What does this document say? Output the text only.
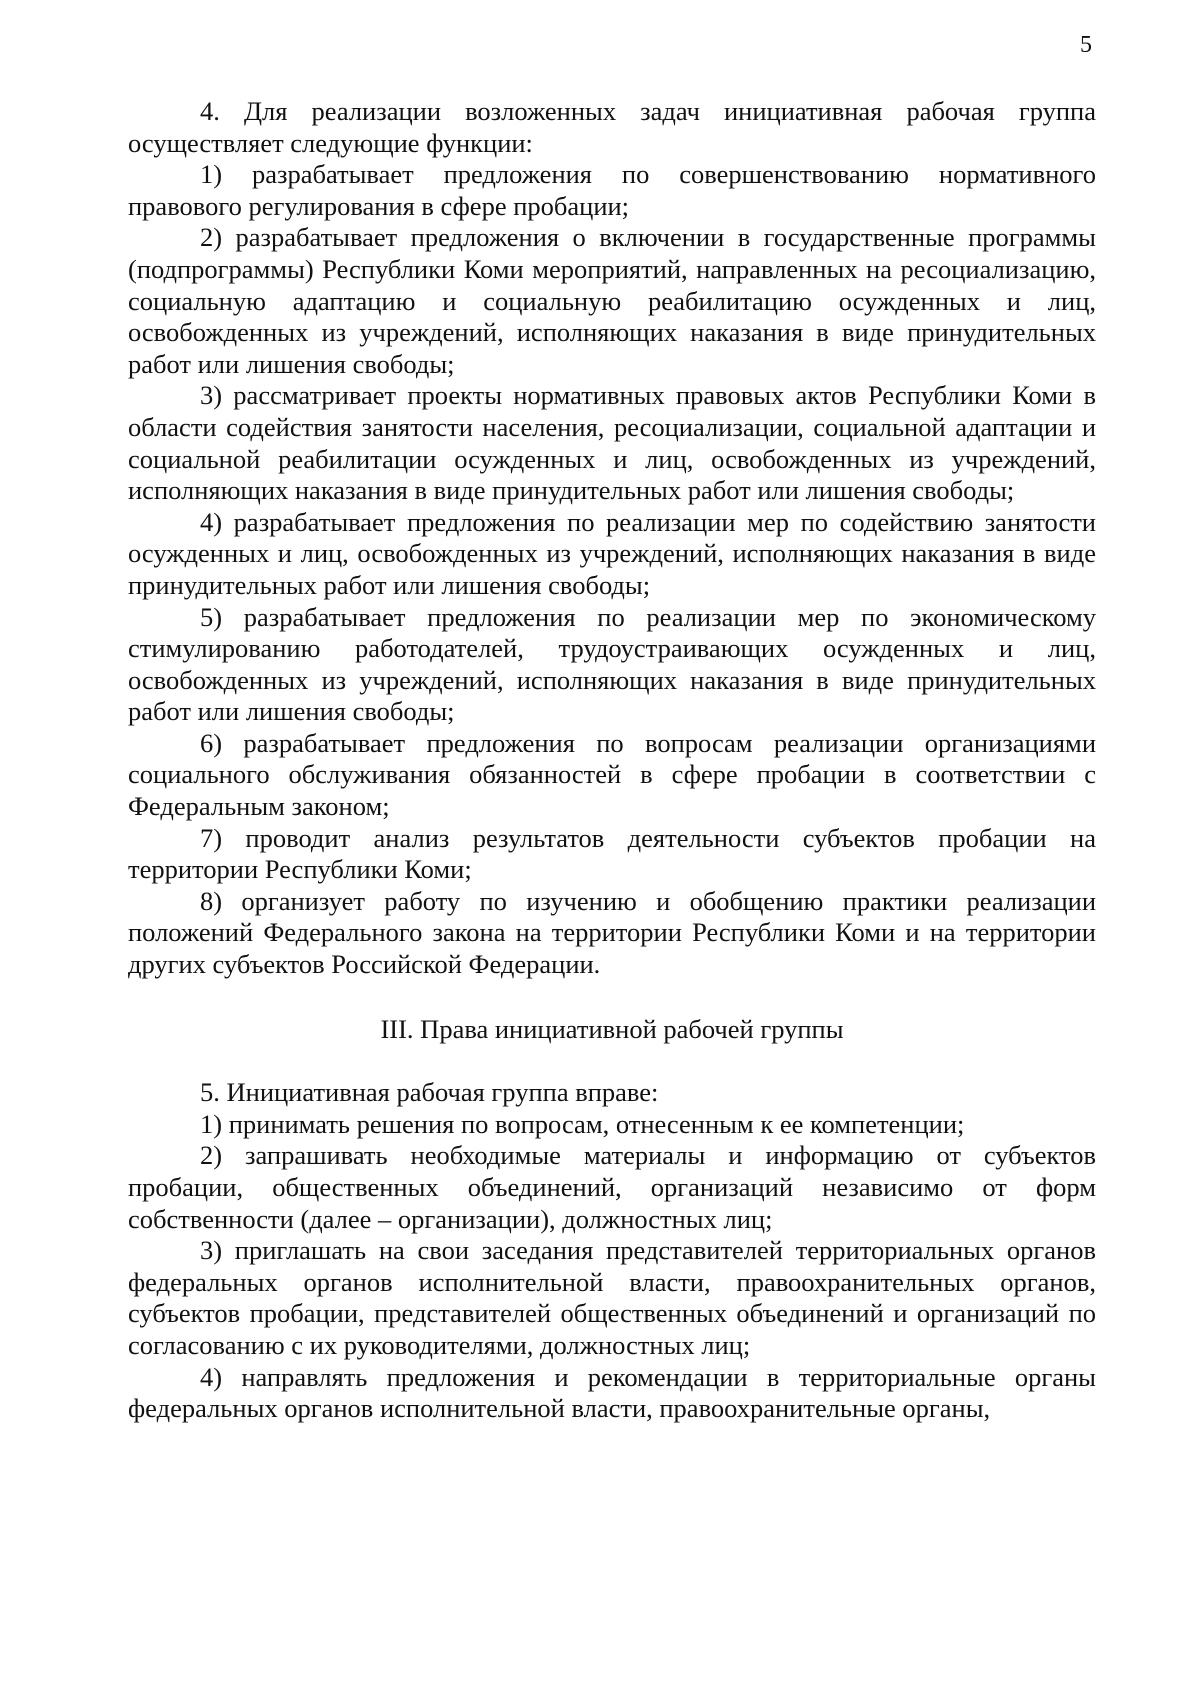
5

4. Для реализации возложенных задач инициативная рабочая группа осуществляет следующие функции:

1) разрабатывает предложения по совершенствованию нормативного правового регулирования в сфере пробации;

2) разрабатывает предложения о включении в государственные программы (подпрограммы) Республики Коми мероприятий, направленных на ресоциализацию, социальную адаптацию и социальную реабилитацию осужденных и лиц, освобожденных из учреждений, исполняющих наказания в виде принудительных работ или лишения свободы;

3) рассматривает проекты нормативных правовых актов Республики Коми в области содействия занятости населения, ресоциализации, социальной адаптации и социальной реабилитации осужденных и лиц, освобожденных из учреждений, исполняющих наказания в виде принудительных работ или лишения свободы;

4) разрабатывает предложения по реализации мер по содействию занятости осужденных и лиц, освобожденных из учреждений, исполняющих наказания в виде принудительных работ или лишения свободы;

5) разрабатывает предложения по реализации мер по экономическому стимулированию работодателей, трудоустраивающих осужденных и лиц, освобожденных из учреждений, исполняющих наказания в виде принудительных работ или лишения свободы;

6) разрабатывает предложения по вопросам реализации организациями социального обслуживания обязанностей в сфере пробации в соответствии с Федеральным законом;

7) проводит анализ результатов деятельности субъектов пробации на территории Республики Коми;

8) организует работу по изучению и обобщению практики реализации положений Федерального закона на территории Республики Коми и на территории других субъектов Российской Федерации.

III. Права инициативной рабочей группы

5. Инициативная рабочая группа вправе:

1) принимать решения по вопросам, отнесенным к ее компетенции;

2) запрашивать необходимые материалы и информацию от субъектов пробации, общественных объединений, организаций независимо от форм собственности (далее – организации), должностных лиц;

3) приглашать на свои заседания представителей территориальных органов федеральных органов исполнительной власти, правоохранительных органов, субъектов пробации, представителей общественных объединений и организаций по согласованию с их руководителями, должностных лиц;

4) направлять предложения и рекомендации в территориальные органы федеральных органов исполнительной власти, правоохранительные органы,
